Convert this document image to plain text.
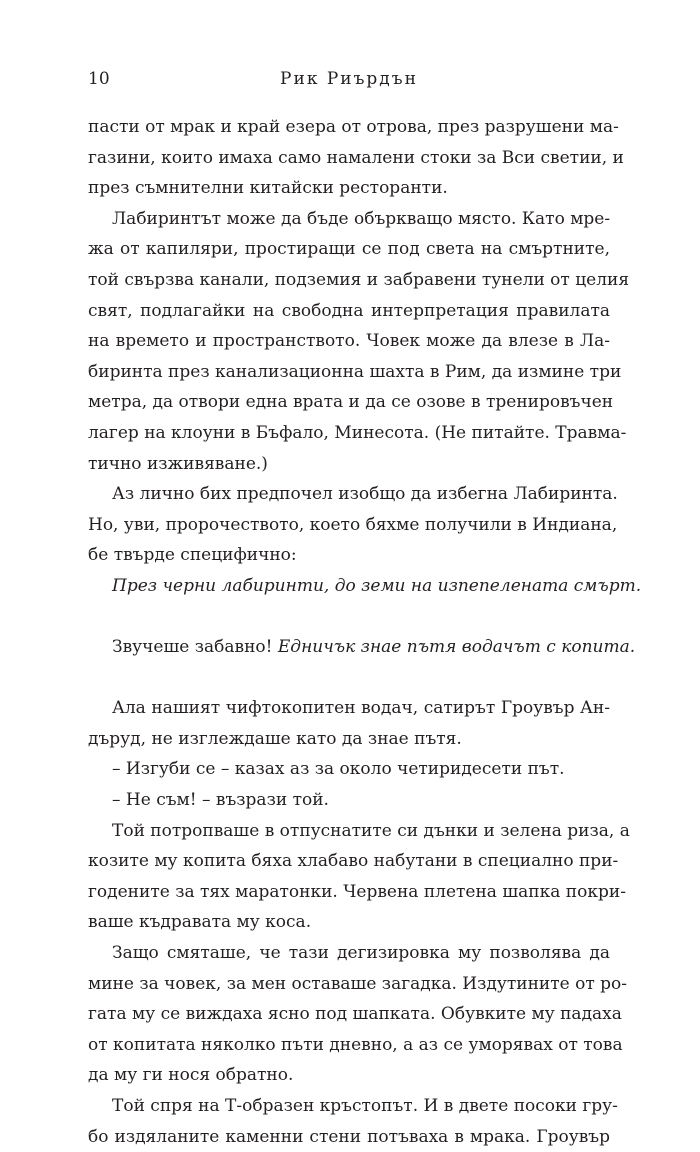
10	Рик Риърдън
пасти от мрак и край езера от отрова, през разрушени ма-
газини, които имаха само намалени стоки за Вси светии, и
през съмнителни китайски ресторанти.
Лабиринтът може да бъде объркващо място. Като мре-
жа от капиляри, простиращи се под света на смъртните,
той свързва канали, подземия и забравени тунели от целия
свят, подлагайки на свободна интерпретация правилата
на времето и пространството. Човек може да влезе в Ла-
биринта през канализационна шахта в Рим, да измине три
метра, да отвори една врата и да се озове в тренировъчен
лагер на клоуни в Бъфало, Минесота. (Не питайте. Травма-
тично изживяване.)
Аз лично бих предпочел изобщо да избегна Лабиринта.
Но, уви, пророчеството, което бяхме получили в Индиана,
бе твърде специфично:
През черни лабиринти, до земи на изпепелената смърт.
Звучеше забавно! Едничък знае пътя водачът с копита.
Ала нашият чифтокопитен водач, сатирът Гроувър Ан-
дъруд, не изглеждаше като да знае пътя.
– Изгуби се – казах аз за около четиридесети път.
– Не съм! – възрази той.
Той потропваше в отпуснатите си дънки и зелена риза, а
козите му копита бяха хлабаво набутани в специално при-
годените за тях маратонки. Червена плетена шапка покри-
ваше къдравата му коса.
Защо смяташе, че тази дегизировка му позволява да
мине за човек, за мен оставаше загадка. Издутините от ро-
гата му се виждаха ясно под шапката. Обувките му падаха
от копитата няколко пъти дневно, а аз се уморявах от това
да му ги нося обратно.
Той спря на Т-образен кръстопът. И в двете посоки гру-
бо издяланите каменни стени потъваха в мрака. Гроувър
